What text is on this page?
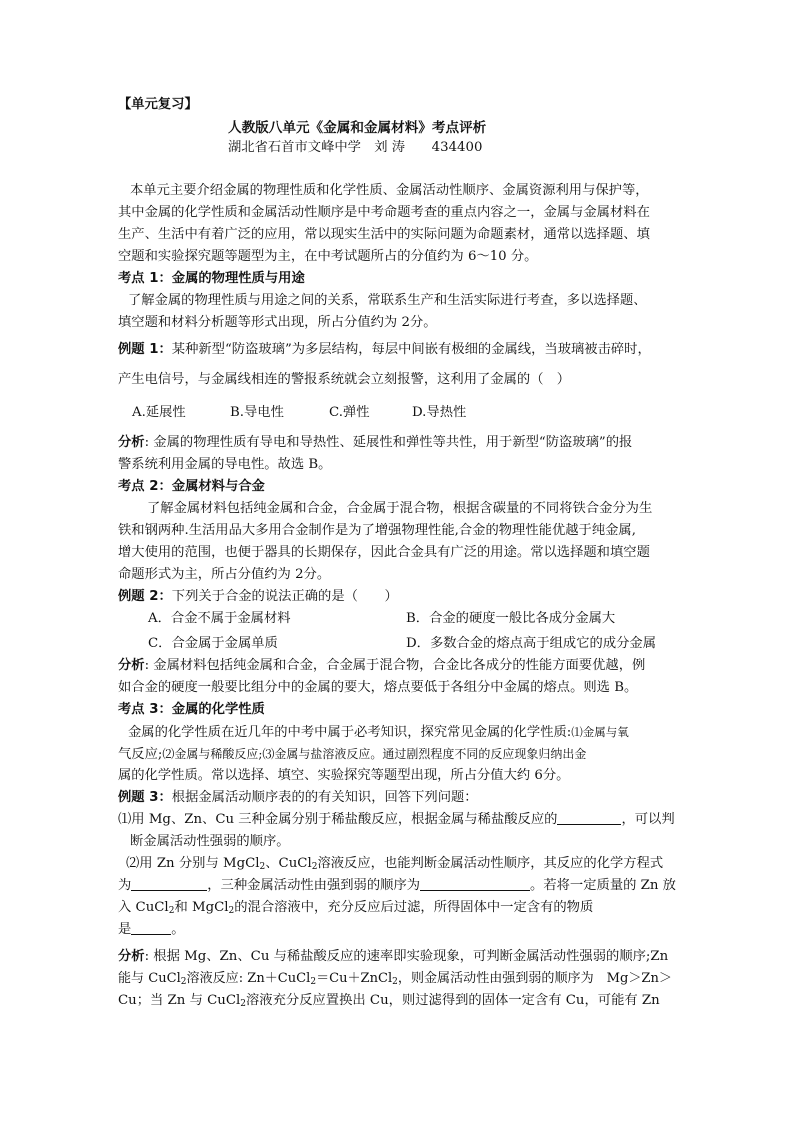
【单元复习】
人教版八单元《金属和金属材料》考点评析
湖北省石首市文峰中学　刘 涛　　434400
本单元主要介绍金属的物理性质和化学性质、金属活动性顺序、金属资源利用与保护等，
其中金属的化学性质和金属活动性顺序是中考命题考查的重点内容之一，金属与金属材料在
生产、生活中有着广泛的应用，常以现实生活中的实际问题为命题素材，通常以选择题、填
空题和实验探究题等题型为主，在中考试题所占的分值约为 6～10 分。
考点 1：金属的物理性质与用途
了解金属的物理性质与用途之间的关系，常联系生产和生活实际进行考查，多以选择题、
填空题和材料分析题等形式出现，所占分值约为 2分。
例题 1：某种新型“防盗玻璃”为多层结构，每层中间嵌有极细的金属线，当玻璃被击碎时，
产生电信号，与金属线相连的警报系统就会立刻报警，这利用了金属的（　）
A.延展性	B.导电性	C.弹性	D.导热性
分析: 金属的物理性质有导电和导热性、延展性和弹性等共性，用于新型“防盗玻璃”的报
警系统利用金属的导电性。故选 B。
考点 2：金属材料与合金
了解金属材料包括纯金属和合金，合金属于混合物，根据含碳量的不同将铁合金分为生
铁和钢两种.生活用品大多用合金制作是为了增强物理性能,合金的物理性能优越于纯金属,
增大使用的范围，也便于器具的长期保存，因此合金具有广泛的用途。常以选择题和填空题
命题形式为主，所占分值约为 2分。
例题 2：下列关于合金的说法正确的是（　　）
A．合金不属于金属材料	B．合金的硬度一般比各成分金属大
C．合金属于金属单质	D．多数合金的熔点高于组成它的成分金属
分析: 金属材料包括纯金属和合金，合金属于混合物，合金比各成分的性能方面要优越，例
如合金的硬度一般要比组分中的金属的要大，熔点要低于各组分中金属的熔点。则选 B。
考点 3：金属的化学性质
金属的化学性质在近几年的中考中属于必考知识，探究常见金属的化学性质:⑴金属与氧
气反应;⑵金属与稀酸反应;⑶金属与盐溶液反应。通过剧烈程度不同的反应现象归纳出金
属的化学性质。常以选择、填空、实验探究等题型出现，所占分值大约 6分。
例题 3：根据金属活动顺序表的的有关知识，回答下列问题：
⑴用 Mg、Zn、Cu 三种金属分别于稀盐酸反应，根据金属与稀盐酸反应的	，可以判
断金属活动性强弱的顺序。
⑵用 Zn 分别与 MgCl$_2$、CuCl$_2$溶液反应，也能判断金属活动性顺序，其反应的化学方程式
为	，三种金属活动性由强到弱的顺序为	。若将一定质量的 Zn 放
入 CuCl$_2$和 MgCl$_2$的混合溶液中，充分反应后过滤，所得固体中一定含有的物质
是	。
分析: 根据 Mg、Zn、Cu 与稀盐酸反应的速率即实验现象，可判断金属活动性强弱的顺序;Zn
能与 CuCl$_2$溶液反应: Zn＋CuCl$_2$＝Cu＋ZnCl$_2$，则金属活动性由强到弱的顺序为　Mg＞Zn＞
Cu；当 Zn 与 CuCl$_2$溶液充分反应置换出 Cu，则过滤得到的固体一定含有 Cu，可能有 Zn
